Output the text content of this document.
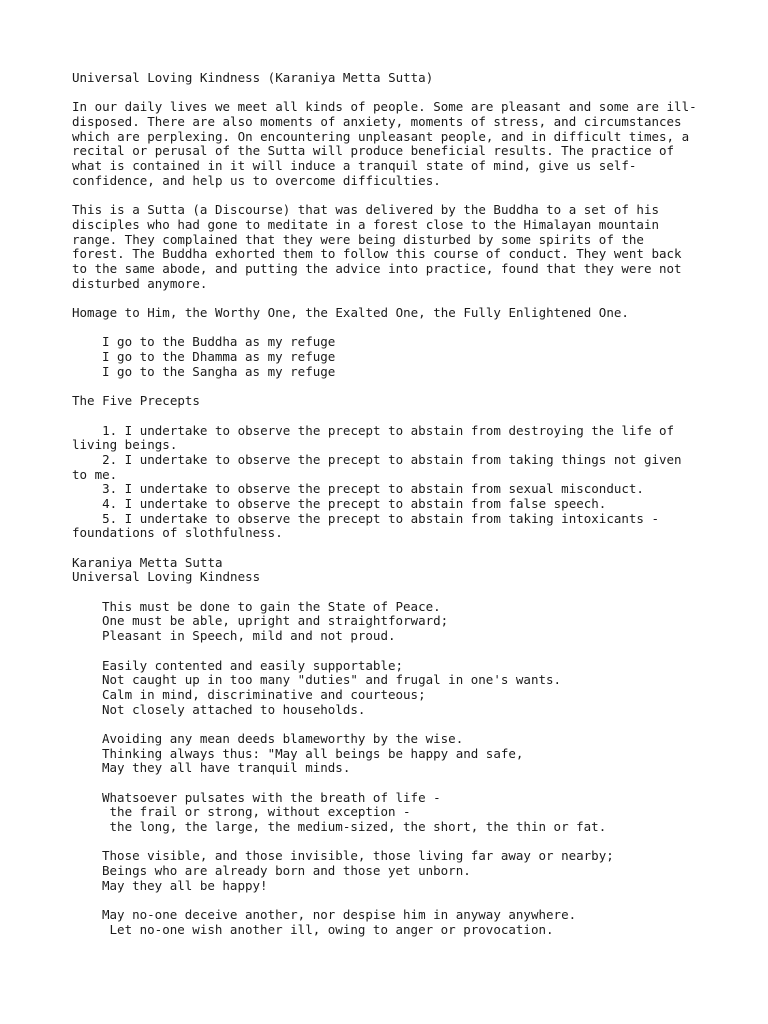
Universal Loving Kindness (Karaniya Metta Sutta)
In our daily lives we meet all kinds of people. Some are pleasant and some are ill-
disposed. There are also moments of anxiety, moments of stress, and circumstances
which are perplexing. On encountering unpleasant people, and in difficult times, a
recital or perusal of the Sutta will produce beneficial results. The practice of
what is contained in it will induce a tranquil state of mind, give us self-
confidence, and help us to overcome difficulties.
This is a Sutta (a Discourse) that was delivered by the Buddha to a set of his
disciples who had gone to meditate in a forest close to the Himalayan mountain
range. They complained that they were being disturbed by some spirits of the
forest. The Buddha exhorted them to follow this course of conduct. They went back
to the same abode, and putting the advice into practice, found that they were not
disturbed anymore.
Homage to Him, the Worthy One, the Exalted One, the Fully Enlightened One.
I go to the Buddha as my refuge
I go to the Dhamma as my refuge
I go to the Sangha as my refuge
The Five Precepts
1. I undertake to observe the precept to abstain from destroying the life of
living beings.
2. I undertake to observe the precept to abstain from taking things not given
to me.
3. I undertake to observe the precept to abstain from sexual misconduct.
4. I undertake to observe the precept to abstain from false speech.
5. I undertake to observe the precept to abstain from taking intoxicants -
foundations of slothfulness.
Karaniya Metta Sutta
Universal Loving Kindness
This must be done to gain the State of Peace.
One must be able, upright and straightforward;
Pleasant in Speech, mild and not proud.
Easily contented and easily supportable;
Not caught up in too many "duties" and frugal in one's wants.
Calm in mind, discriminative and courteous;
Not closely attached to households.
Avoiding any mean deeds blameworthy by the wise.
Thinking always thus: "May all beings be happy and safe,
May they all have tranquil minds.
Whatsoever pulsates with the breath of life -
the frail or strong, without exception -
the long, the large, the medium-sized, the short, the thin or fat.
Those visible, and those invisible, those living far away or nearby;
Beings who are already born and those yet unborn.
May they all be happy!
May no-one deceive another, nor despise him in anyway anywhere.
Let no-one wish another ill, owing to anger or provocation.
